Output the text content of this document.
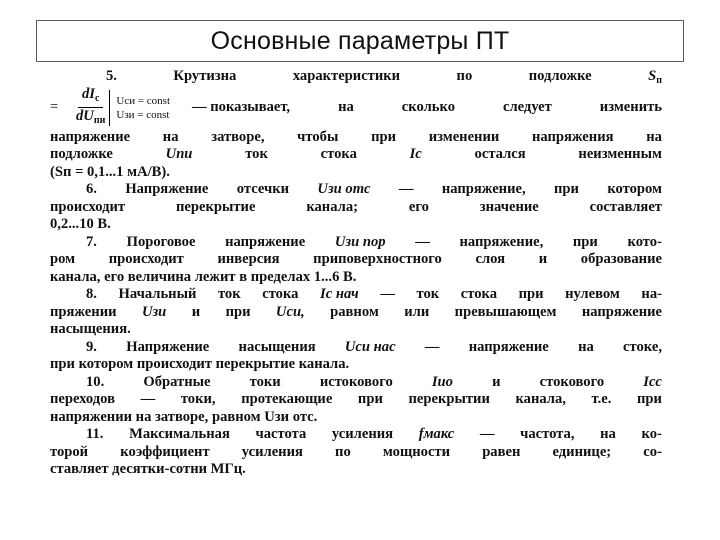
Основные параметры ПТ
5.	Крутизна	характеристики	по	подложке	$S_п$
=	$\frac{dI_c}{dU_{пи}}$ Uси = const
Uзи = const — показывает,	на	сколько	следует	изменить
напряжение на затворе, чтобы при изменении напряжения на
подложке	Uпи	ток	стока	Ic	остался	неизменным
(Sп = 0,1...1 мА/В).
6. Напряжение отсечки Uзи отс — напряжение, при котором
происходит	перекрытие	канала;	его	значение	составляет
0,2...10 В.
7. Пороговое напряжение Uзи пор — напряжение, при кото-
ром происходит инверсия приповерхностного слоя и образование
канала, его величина лежит в пределах 1...6 В.
8. Начальный ток стока Ic нач — ток стока при нулевом на-
пряжении Uзи и при Uси, равном или превышающем напряжение
насыщения.
9. Напряжение насыщения Uси нас — напряжение на стоке,
при котором происходит перекрытие канала.
10.	Обратные	токи	истокового	Iио	и	стокового	Iсс
переходов — токи, протекающие при перекрытии канала, т.е. при
напряжении на затворе, равном Uзи отс.
11. Максимальная частота усиления fмакс — частота, на ко-
торой коэффициент усиления по мощности равен единице; со-
ставляет десятки-сотни МГц.
